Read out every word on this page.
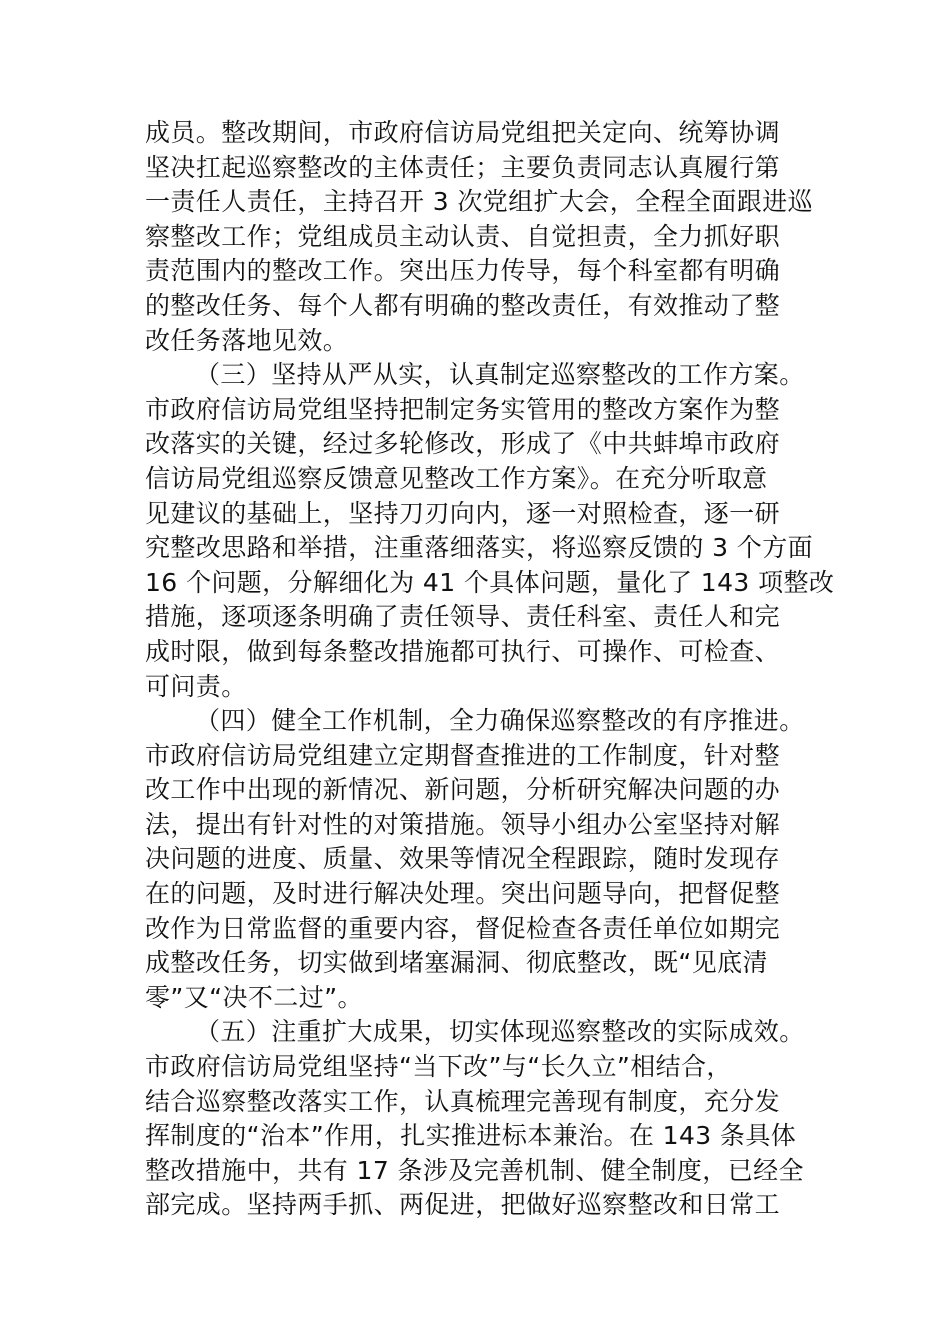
成员。整改期间，市政府信访局党组把关定向、统筹协调
坚决扛起巡察整改的主体责任；主要负责同志认真履行第
一责任人责任，主持召开 3 次党组扩大会，全程全面跟进巡
察整改工作；党组成员主动认责、自觉担责，全力抓好职
责范围内的整改工作。突出压力传导，每个科室都有明确
的整改任务、每个人都有明确的整改责任，有效推动了整
改任务落地见效。
（三）坚持从严从实，认真制定巡察整改的工作方案。
市政府信访局党组坚持把制定务实管用的整改方案作为整
改落实的关键，经过多轮修改，形成了《中共蚌埠市政府
信访局党组巡察反馈意见整改工作方案》。在充分听取意
见建议的基础上，坚持刀刃向内，逐一对照检查，逐一研
究整改思路和举措，注重落细落实，将巡察反馈的 3 个方面
16 个问题，分解细化为 41 个具体问题，量化了 143 项整改
措施，逐项逐条明确了责任领导、责任科室、责任人和完
成时限，做到每条整改措施都可执行、可操作、可检查、
可问责。
（四）健全工作机制，全力确保巡察整改的有序推进。
市政府信访局党组建立定期督查推进的工作制度，针对整
改工作中出现的新情况、新问题，分析研究解决问题的办
法，提出有针对性的对策措施。领导小组办公室坚持对解
决问题的进度、质量、效果等情况全程跟踪，随时发现存
在的问题，及时进行解决处理。突出问题导向，把督促整
改作为日常监督的重要内容，督促检查各责任单位如期完
成整改任务，切实做到堵塞漏洞、彻底整改，既“见底清
零”又“决不二过”。
（五）注重扩大成果，切实体现巡察整改的实际成效。
市政府信访局党组坚持“当下改”与“长久立”相结合，
结合巡察整改落实工作，认真梳理完善现有制度，充分发
挥制度的“治本”作用，扎实推进标本兼治。在 143 条具体
整改措施中，共有 17 条涉及完善机制、健全制度，已经全
部完成。坚持两手抓、两促进，把做好巡察整改和日常工
